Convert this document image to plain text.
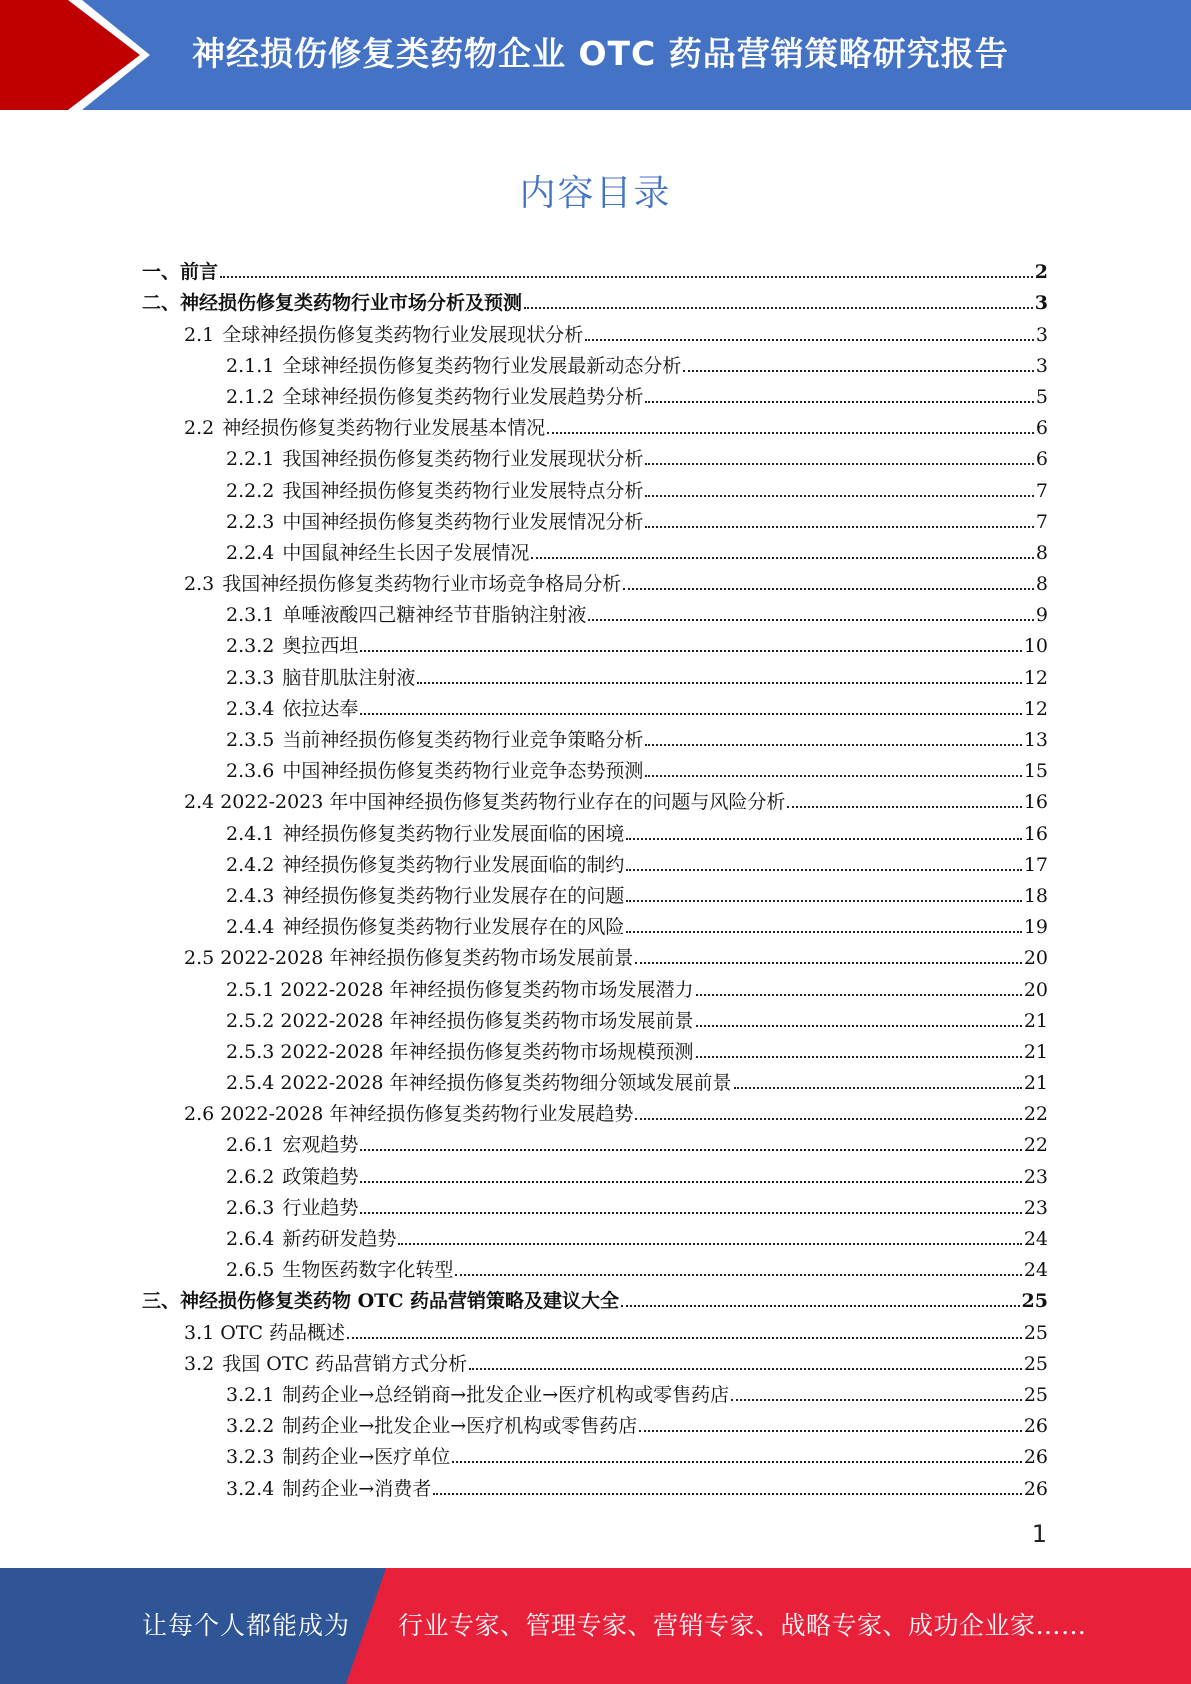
神经损伤修复类药物企业 OTC 药品营销策略研究报告
内容目录
一、 前言	2
二、 神经损伤修复类药物行业市场分析及预测	3
2.1 全球神经损伤修复类药物行业发展现状分析	3
2.1.1 全球神经损伤修复类药物行业发展最新动态分析	3
2.1.2 全球神经损伤修复类药物行业发展趋势分析	5
2.2 神经损伤修复类药物行业发展基本情况	6
2.2.1 我国神经损伤修复类药物行业发展现状分析	6
2.2.2 我国神经损伤修复类药物行业发展特点分析	7
2.2.3 中国神经损伤修复类药物行业发展情况分析	7
2.2.4 中国鼠神经生长因子发展情况	8
2.3 我国神经损伤修复类药物行业市场竞争格局分析	8
2.3.1 单唾液酸四己糖神经节苷脂钠注射液	9
2.3.2 奥拉西坦	10
2.3.3 脑苷肌肽注射液	12
2.3.4 依拉达奉	12
2.3.5 当前神经损伤修复类药物行业竞争策略分析	13
2.3.6 中国神经损伤修复类药物行业竞争态势预测	15
2.4 2022-2023 年中国神经损伤修复类药物行业存在的问题与风险分析	16
2.4.1 神经损伤修复类药物行业发展面临的困境	16
2.4.2 神经损伤修复类药物行业发展面临的制约	17
2.4.3 神经损伤修复类药物行业发展存在的问题	18
2.4.4 神经损伤修复类药物行业发展存在的风险	19
2.5 2022-2028 年神经损伤修复类药物市场发展前景	20
2.5.1 2022-2028 年神经损伤修复类药物市场发展潜力	20
2.5.2 2022-2028 年神经损伤修复类药物市场发展前景	21
2.5.3 2022-2028 年神经损伤修复类药物市场规模预测	21
2.5.4 2022-2028 年神经损伤修复类药物细分领域发展前景	21
2.6 2022-2028 年神经损伤修复类药物行业发展趋势	22
2.6.1 宏观趋势	22
2.6.2 政策趋势	23
2.6.3 行业趋势	23
2.6.4 新药研发趋势	24
2.6.5 生物医药数字化转型	24
三、 神经损伤修复类药物 OTC 药品营销策略及建议大全	25
3.1 OTC 药品概述	25
3.2 我国 OTC 药品营销方式分析	25
3.2.1 制药企业→总经销商→批发企业→医疗机构或零售药店	25
3.2.2 制药企业→批发企业→医疗机构或零售药店	26
3.2.3 制药企业→医疗单位	26
3.2.4 制药企业→消费者	26
1
让每个人都能成为 行业专家、管理专家、营销专家、战略专家、成功企业家……
